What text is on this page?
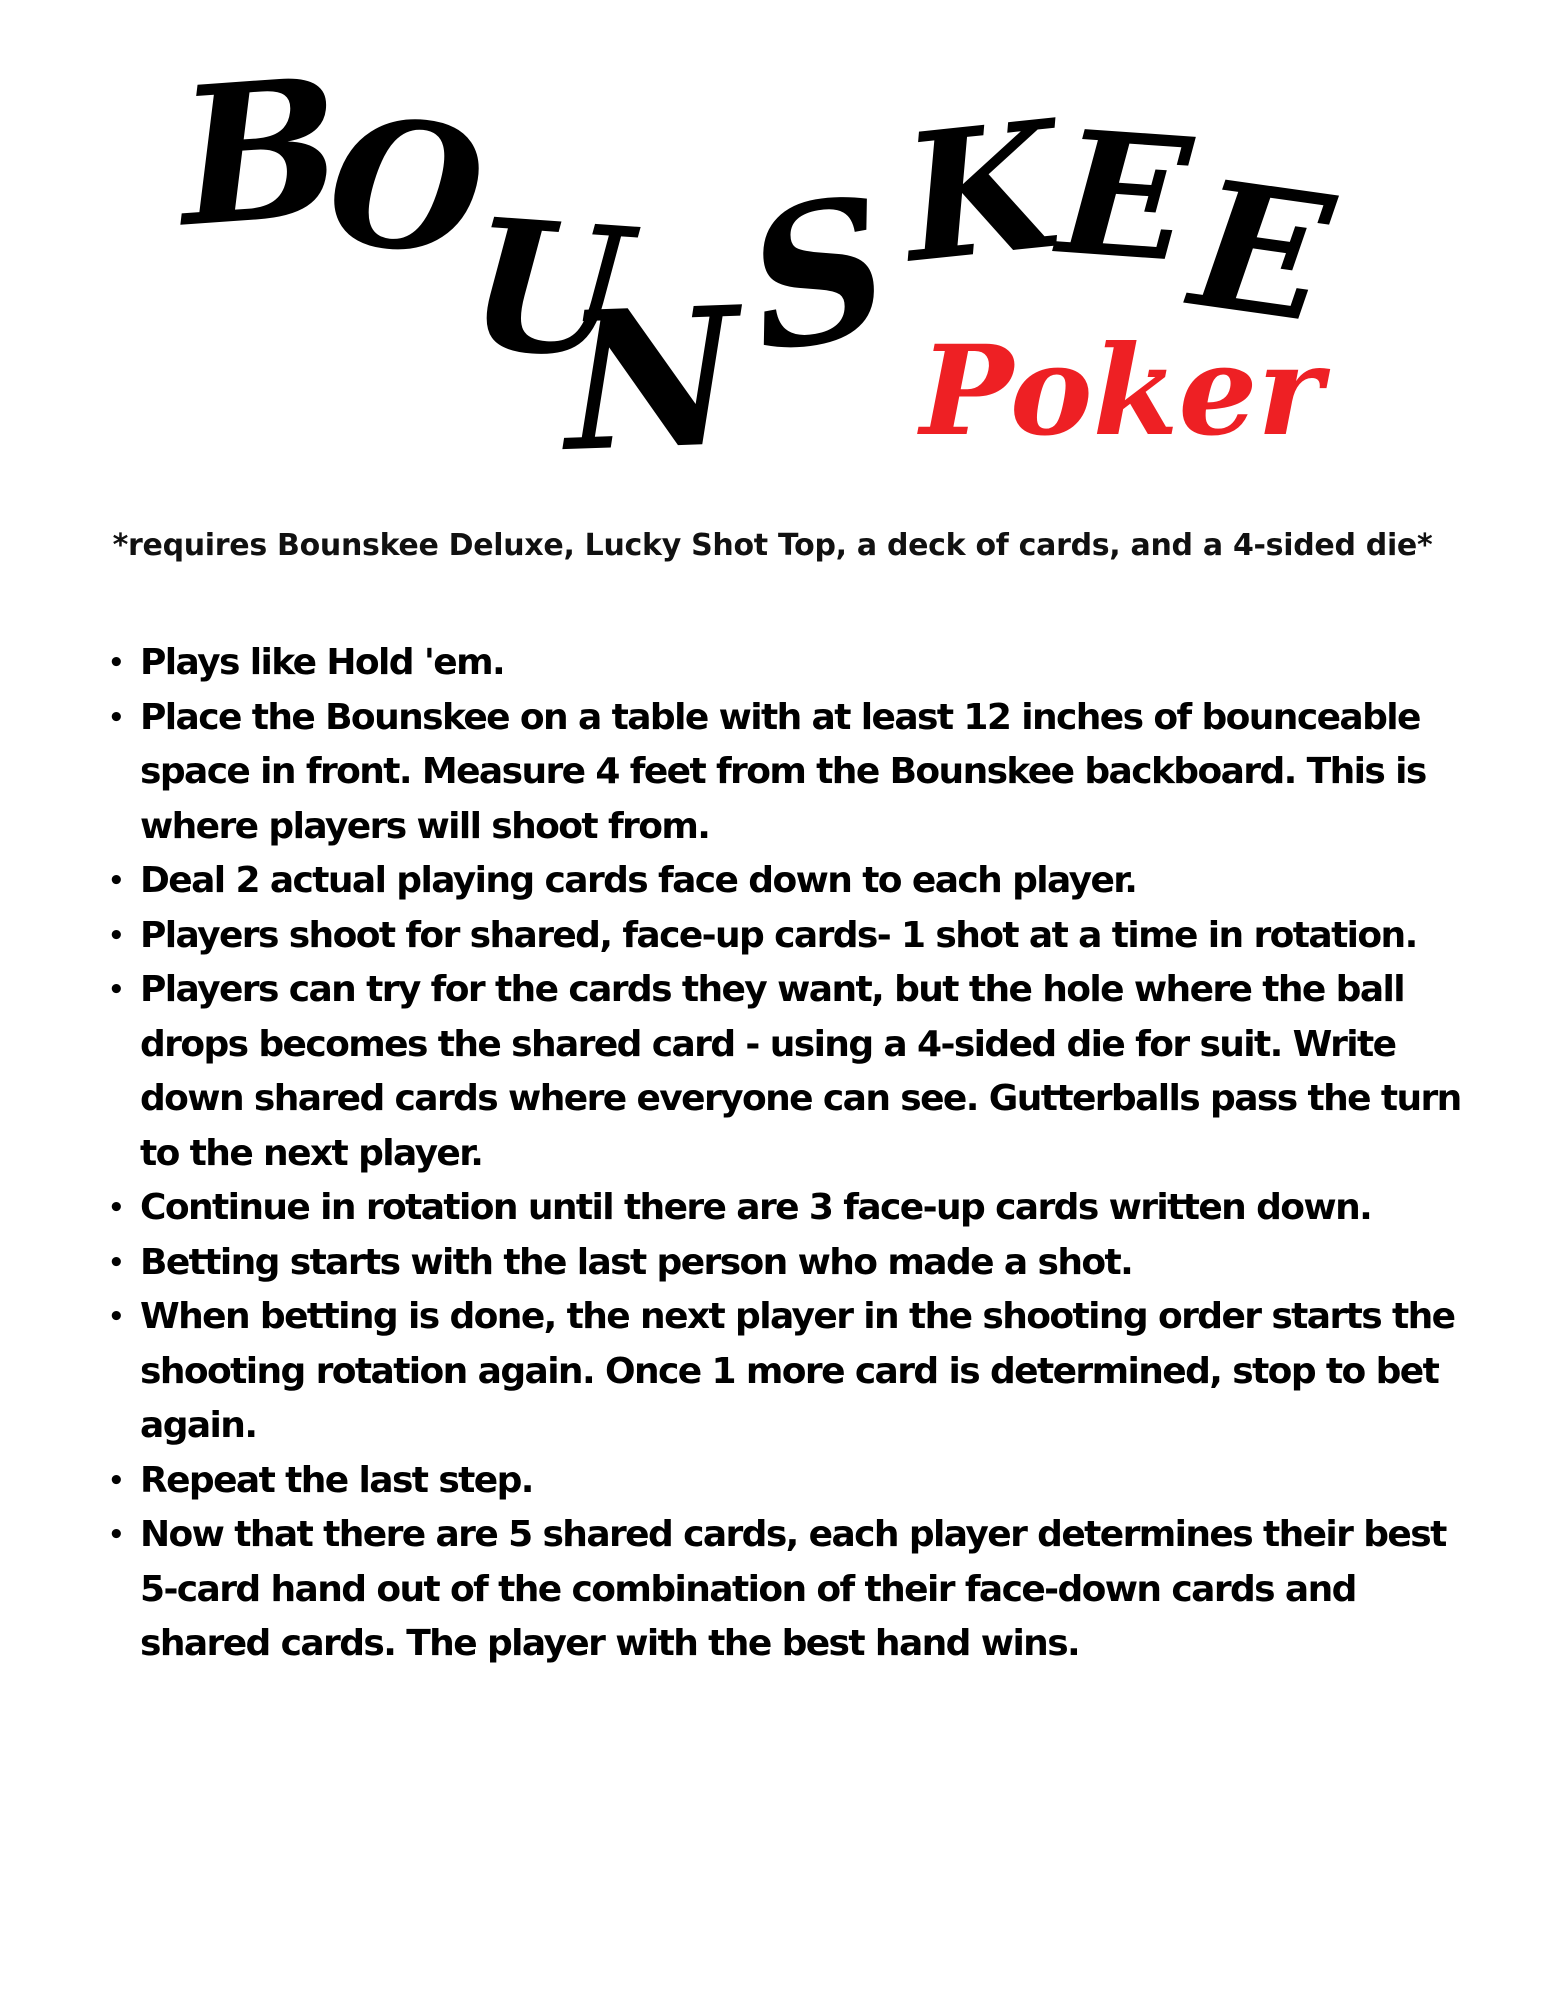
B
O
U
N
S
K
E
E
Poker
*requires Bounskee Deluxe, Lucky Shot Top, a deck of cards, and a 4-sided die*
• Plays like Hold 'em.
• Place the Bounskee on a table with at least 12 inches of bounceable space in front. Measure 4 feet from the Bounskee backboard. This is where players will shoot from.
• Deal 2 actual playing cards face down to each player.
• Players shoot for shared, face-up cards- 1 shot at a time in rotation.
• Players can try for the cards they want, but the hole where the ball drops becomes the shared card - using a 4-sided die for suit. Write down shared cards where everyone can see. Gutterballs pass the turn to the next player.
• Continue in rotation until there are 3 face-up cards written down.
• Betting starts with the last person who made a shot.
• When betting is done, the next player in the shooting order starts the shooting rotation again. Once 1 more card is determined, stop to bet again.
• Repeat the last step.
• Now that there are 5 shared cards, each player determines their best 5-card hand out of the combination of their face-down cards and shared cards. The player with the best hand wins.
